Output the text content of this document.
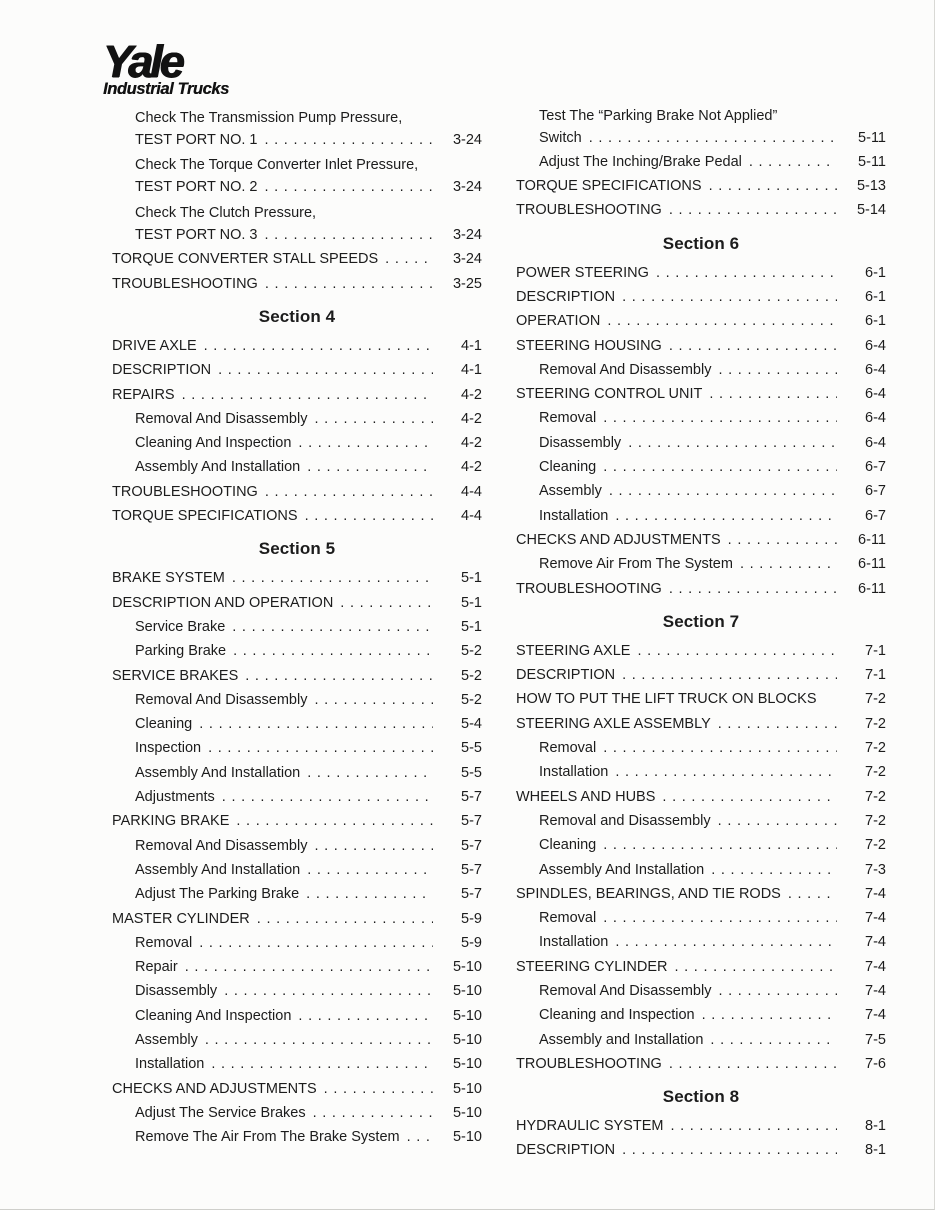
Yale
Industrial Trucks
Check The Transmission Pump Pressure,
TEST PORT NO. 1 . . .	3-24
Check The Torque Converter Inlet Pressure,
TEST PORT NO. 2 . . .	3-24
Check The Clutch Pressure,
TEST PORT NO. 3 . . .	3-24
TORQUE CONVERTER STALL SPEEDS . . .	3-24
TROUBLESHOOTING . . .	3-25
Section 4
DRIVE AXLE . . .	4-1
DESCRIPTION . . .	4-1
REPAIRS . . .	4-2
Removal And Disassembly . . .	4-2
Cleaning And Inspection . . .	4-2
Assembly And Installation . . .	4-2
TROUBLESHOOTING . . .	4-4
TORQUE SPECIFICATIONS . . .	4-4
Section 5
BRAKE SYSTEM . . .	5-1
DESCRIPTION AND OPERATION . . .	5-1
Service Brake . . .	5-1
Parking Brake . . .	5-2
SERVICE BRAKES . . .	5-2
Removal And Disassembly . . .	5-2
Cleaning . . .	5-4
Inspection . . .	5-5
Assembly And Installation . . .	5-5
Adjustments . . .	5-7
PARKING BRAKE . . .	5-7
Removal And Disassembly . . .	5-7
Assembly And Installation . . .	5-7
Adjust The Parking Brake . . .	5-7
MASTER CYLINDER . . .	5-9
Removal . . .	5-9
Repair . . .	5-10
Disassembly . . .	5-10
Cleaning And Inspection . . .	5-10
Assembly . . .	5-10
Installation . . .	5-10
CHECKS AND ADJUSTMENTS . . .	5-10
Adjust The Service Brakes . . .	5-10
Remove The Air From The Brake System . . .	5-10
Test The “Parking Brake Not Applied”
Switch . . .	5-11
Adjust The Inching/Brake Pedal . . .	5-11
TORQUE SPECIFICATIONS . . .	5-13
TROUBLESHOOTING . . .	5-14
Section 6
POWER STEERING . . .	6-1
DESCRIPTION . . .	6-1
OPERATION . . .	6-1
STEERING HOUSING . . .	6-4
Removal And Disassembly . . .	6-4
STEERING CONTROL UNIT . . .	6-4
Removal . . .	6-4
Disassembly . . .	6-4
Cleaning . . .	6-7
Assembly . . .	6-7
Installation . . .	6-7
CHECKS AND ADJUSTMENTS . . .	6-11
Remove Air From The System . . .	6-11
TROUBLESHOOTING . . .	6-11
Section 7
STEERING AXLE . . .	7-1
DESCRIPTION . . .	7-1
HOW TO PUT THE LIFT TRUCK ON BLOCKS	7-2
STEERING AXLE ASSEMBLY . . .	7-2
Removal . . .	7-2
Installation . . .	7-2
WHEELS AND HUBS . . .	7-2
Removal and Disassembly . . .	7-2
Cleaning . . .	7-2
Assembly And Installation . . .	7-3
SPINDLES, BEARINGS, AND TIE RODS . . .	7-4
Removal . . .	7-4
Installation . . .	7-4
STEERING CYLINDER . . .	7-4
Removal And Disassembly . . .	7-4
Cleaning and Inspection . . .	7-4
Assembly and Installation . . .	7-5
TROUBLESHOOTING . . .	7-6
Section 8
HYDRAULIC SYSTEM . . .	8-1
DESCRIPTION . . .	8-1
